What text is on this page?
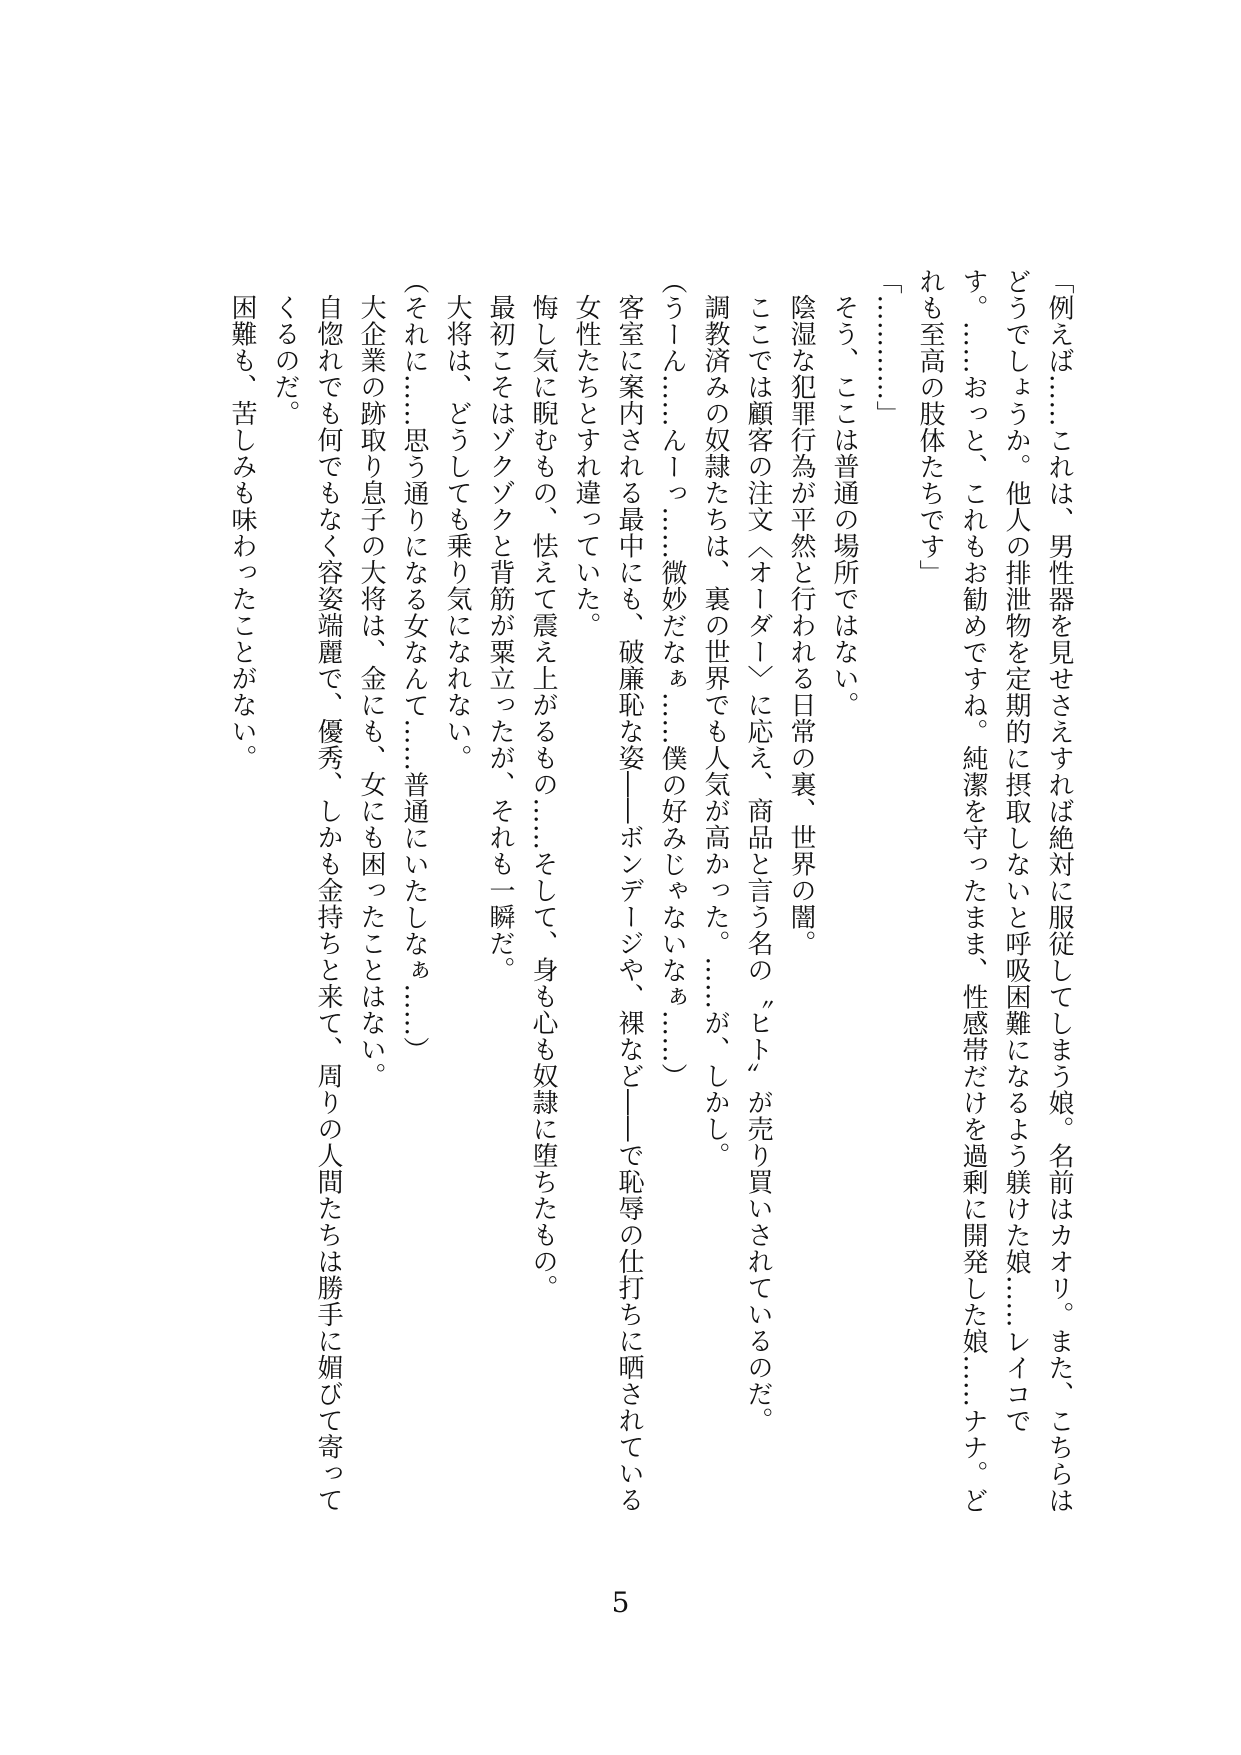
「例えば……これは、男性器を見せさえすれば絶対に服従してしまう娘。名前はカオリ。また、こちらはどうでしょうか。他人の排泄物を定期的に摂取しないと呼吸困難になるよう躾けた娘……レイコです。……おっと、これもお勧めですね。純潔を守ったまま、性感帯だけを過剰に開発した娘……ナナ。どれも至高の肢体たちです」

「…………」

そう、ここは普通の場所ではない。

陰湿な犯罪行為が平然と行われる日常の裏、世界の闇。

ここでは顧客の注文〈オーダー〉に応え、商品と言う名の〝ヒト〟が売り買いされているのだ。

調教済みの奴隷たちは、裏の世界でも人気が高かった。……が、しかし。

（うーん……んーっ……微妙だなぁ……僕の好みじゃないなぁ……）

客室に案内される最中にも、破廉恥な姿――ボンデージや、裸など――で恥辱の仕打ちに晒されている女性たちとすれ違っていた。

悔し気に睨むもの、怯えて震え上がるもの……そして、身も心も奴隷に堕ちたもの。

最初こそはゾクゾクと背筋が粟立ったが、それも一瞬だ。

大将は、どうしても乗り気になれない。

（それに……思う通りになる女なんて……普通にいたしなぁ……）

大企業の跡取り息子の大将は、金にも、女にも困ったことはない。

自惚れでも何でもなく容姿端麗で、優秀、しかも金持ちと来て、周りの人間たちは勝手に媚びて寄ってくるのだ。

困難も、苦しみも味わったことがない。

5
